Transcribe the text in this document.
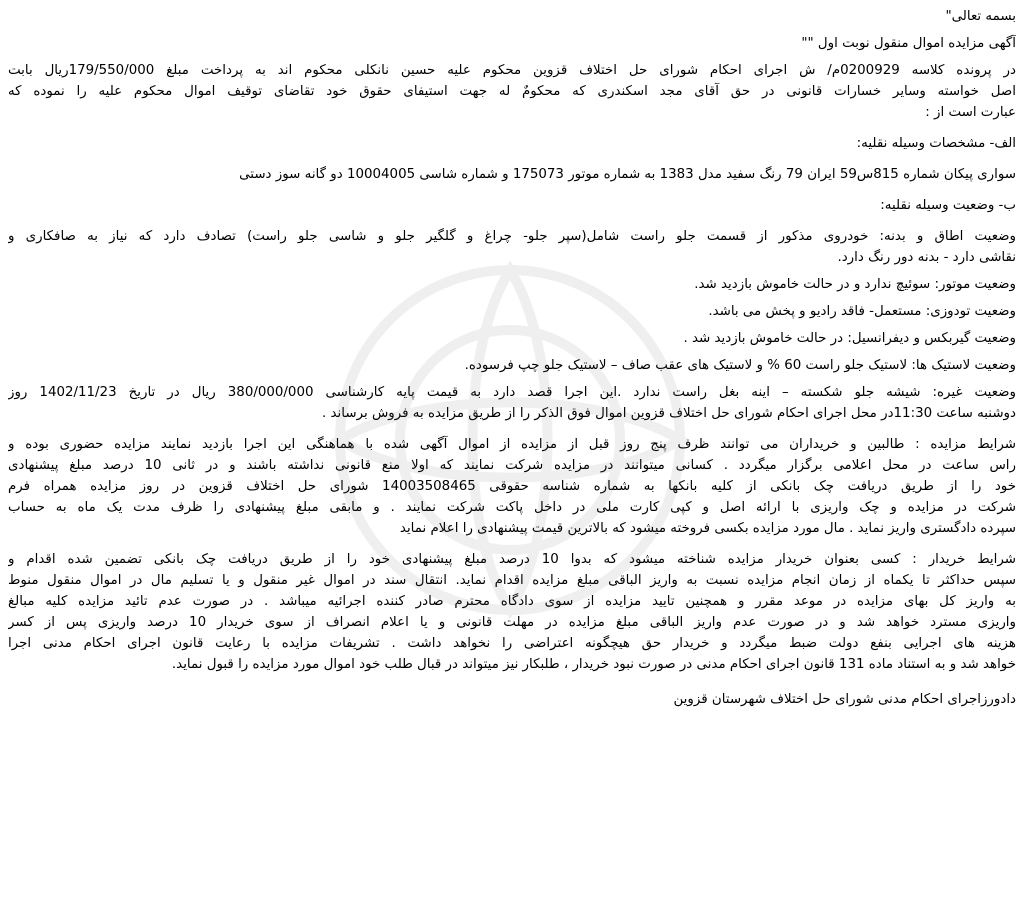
بسمه تعالی"
آگهی مزایده اموال منقول نوبت اول ""
در پرونده کلاسه 0200929م/ ش اجرای احکام شورای حل اختلاف قزوین محکوم علیه حسین نانکلی محکوم اند به پرداخت مبلغ 179/550/000ریال بابت
اصل خواسته وسایر خسارات قانونی در حق آقای مجد اسکندری که محکومٌ له جهت استیفای حقوق خود تقاضای توقیف اموال محکوم علیه را نموده که
عبارت است از :
الف- مشخصات وسیله نقلیه:
سواری پیکان شماره 815س59 ایران 79 رنگ سفید مدل 1383 به شماره موتور 175073 و شماره شاسی 10004005 دو گانه سوز دستی
ب- وضعیت وسیله نقلیه:
وضعیت اطاق و بدنه: خودروی مذکور از قسمت جلو راست شامل(سپر جلو- چراغ و گلگیر جلو و شاسی جلو راست) تصادف دارد که نیاز به صافکاری و
نقاشی دارد - بدنه دور رنگ دارد.
وضعیت موتور: سوئیچ ندارد و در حالت خاموش بازدید شد.
وضعیت تودوزی: مستعمل- فاقد رادیو و پخش می باشد.
وضعیت گیربکس و دیفرانسیل: در حالت خاموش بازدید شد .
وضعیت لاستیک ها: لاستیک جلو راست 60 % و لاستیک های عقب صاف – لاستیک جلو چپ فرسوده.
وضعیت غیره: شیشه جلو شکسته – اینه بغل راست ندارد .این اجرا قصد دارد به قیمت پایه کارشناسی 380/000/000 ریال در تاریخ 1402/11/23 روز
دوشنبه ساعت 11:30در محل اجرای احکام شورای حل اختلاف قزوین اموال فوق الذکر را از طریق مزایده به فروش برساند .
شرایط مزایده : طالبین و خریداران می توانند ظرف پنج روز قبل از مزایده از اموال آگهی شده با هماهنگی این اجرا بازدید نمایند مزایده حضوری بوده و
راس ساعت در محل اعلامی برگزار میگردد . کسانی میتوانند در مزایده شرکت نمایند که اولا منع قانونی نداشته باشند و در ثانی 10 درصد مبلغ پیشنهادی
خود را از طریق دریافت چک بانکی از کلیه بانکها به شماره شناسه حقوقی 14003508465 شورای حل اختلاف قزوین در روز مزایده همراه فرم
شرکت در مزایده و چک واریزی با ارائه اصل و کپی کارت ملی در داخل پاکت شرکت نمایند . و مابقی مبلغ پیشنهادی را ظرف مدت یک ماه به حساب
سپرده دادگستری واریز نماید . مال مورد مزایده بکسی فروخته میشود که بالاترین قیمت پیشنهادی را اعلام نماید
شرایط خریدار : کسی بعنوان خریدار مزایده شناخته میشود که بدوا 10 درصد مبلغ پیشنهادی خود را از طریق دریافت چک بانکی تضمین شده اقدام و
سپس حداکثر تا یکماه از زمان انجام مزایده نسبت به واریز الباقی مبلغ مزایده اقدام نماید. انتقال سند در اموال غیر منقول و یا تسلیم مال در اموال منقول منوط
به واریز کل بهای مزایده در موعد مقرر و همچنین تایید مزایده از سوی دادگاه محترم صادر کننده اجرائیه میباشد . در صورت عدم تائید مزایده کلیه مبالغ
واریزی مسترد خواهد شد و در صورت عدم واریز الباقی مبلغ مزایده در مهلت قانونی و یا اعلام انصراف از سوی خریدار 10 درصد واریزی پس از کسر
هزینه های اجرایی بنفع دولت ضبط میگردد و خریدار حق هیچگونه اعتراضی را نخواهد داشت . تشریفات مزایده با رعایت قانون اجرای احکام مدنی اجرا
خواهد شد و به استناد ماده 131 قانون اجرای احکام مدنی در صورت نبود خریدار ، طلبکار نیز میتواند در قبال طلب خود اموال مورد مزایده را قبول نماید.
دادورزاجرای احکام مدنی شورای حل اختلاف شهرستان قزوین
